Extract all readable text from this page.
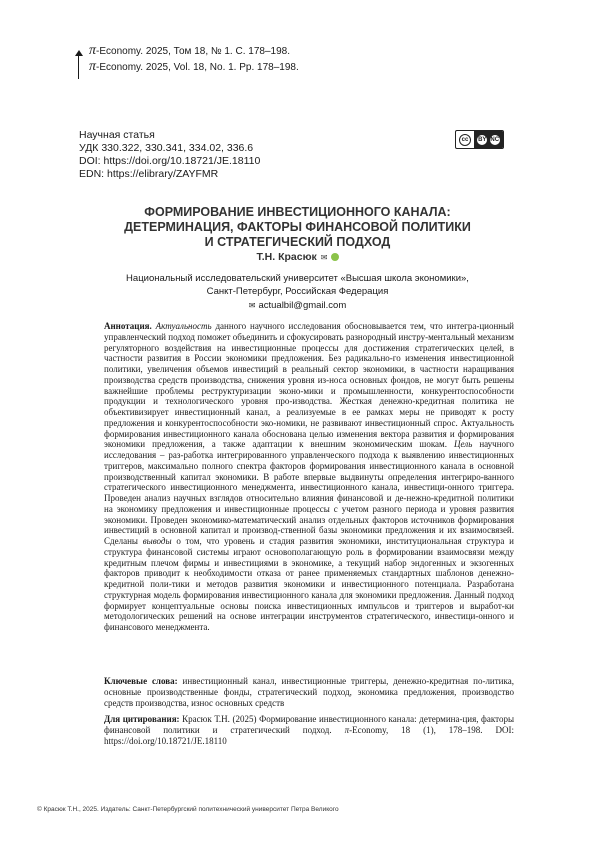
π-Economy. 2025, Том 18, № 1. С. 178–198.
π-Economy. 2025, Vol. 18, No. 1. Pp. 178–198.
Научная статья
УДК 330.322, 330.341, 334.02, 336.6
DOI: https://doi.org/10.18721/JE.18110
EDN: https://elibrary/ZAYFMR
cc	BY NC
ФОРМИРОВАНИЕ ИНВЕСТИЦИОННОГО КАНАЛА:
ДЕТЕРМИНАЦИЯ, ФАКТОРЫ ФИНАНСОВОЙ ПОЛИТИКИ
И СТРАТЕГИЧЕСКИЙ ПОДХОД
Т.Н. Красюк ✉
Национальный исследовательский университет «Высшая школа экономики»,
Санкт-Петербург, Российская Федерация
✉ actualbil@gmail.com
Аннотация. Актуальность данного научного исследования обосновывается тем, что интегра-ционный управленческий подход поможет объединить и сфокусировать разнородный инстру-ментальный механизм регуляторного воздействия на инвестиционные процессы для достижения стратегических целей, в частности развития в России экономики предложения. Без радикально-го изменения инвестиционной политики, увеличения объемов инвестиций в реальный сектор экономики, в частности наращивания производства средств производства, снижения уровня из-носа основных фондов, не могут быть решены важнейшие проблемы реструктуризации эконо-мики и промышленности, конкурентоспособности продукции и технологического уровня про-изводства. Жесткая денежно-кредитная политика не объективизирует инвестиционный канал, а реализуемые в ее рамках меры не приводят к росту предложения и конкурентоспособности эко-номики, не развивают инвестиционный спрос. Актуальность формирования инвестиционного канала обоснована целью изменения вектора развития и формирования экономики предложения, а также адаптации к внешним экономическим шокам. Цель научного исследования – раз-работка интегрированного управленческого подхода к выявлению инвестиционных триггеров, максимально полного спектра факторов формирования инвестиционного канала в основной производственный капитал экономики. В работе впервые выдвинуты определения интегриро-ванного стратегического инвестиционного менеджмента, инвестиционного канала, инвестици-онного триггера. Проведен анализ научных взглядов относительно влияния финансовой и де-нежно-кредитной политики на экономику предложения и инвестиционные процессы с учетом разного периода и уровня развития экономики. Проведен экономико-математический анализ отдельных факторов источников формирования инвестиций в основной капитал и производ-ственной базы экономики предложения и их взаимосвязей. Сделаны выводы о том, что уровень и стадия развития экономики, институциональная структура и структура финансовой системы играют основополагающую роль в формировании взаимосвязи между кредитным плечом фирмы и инвестициями в экономике, а текущий набор эндогенных и экзогенных факторов приводит к необходимости отказа от ранее применяемых стандартных шаблонов денежно-кредитной поли-тики и методов развития экономики и инвестиционного потенциала. Разработана структурная модель формирования инвестиционного канала для экономики предложения. Данный подход формирует концептуальные основы поиска инвестиционных импульсов и триггеров и выработ-ки методологических решений на основе интеграции инструментов стратегического, инвестици-онного и финансового менеджмента.
Ключевые слова: инвестиционный канал, инвестиционные триггеры, денежно-кредитная по-литика, основные производственные фонды, стратегический подход, экономика предложения, производство средств производства, износ основных средств
Для цитирования: Красюк Т.Н. (2025) Формирование инвестиционного канала: детермина-ция, факторы финансовой политики и стратегический подход. π-Economy, 18 (1), 178–198. DOI: https://doi.org/10.18721/JE.18110
© Красюк Т.Н., 2025. Издатель: Санкт-Петербургский политехнический университет Петра Великого
